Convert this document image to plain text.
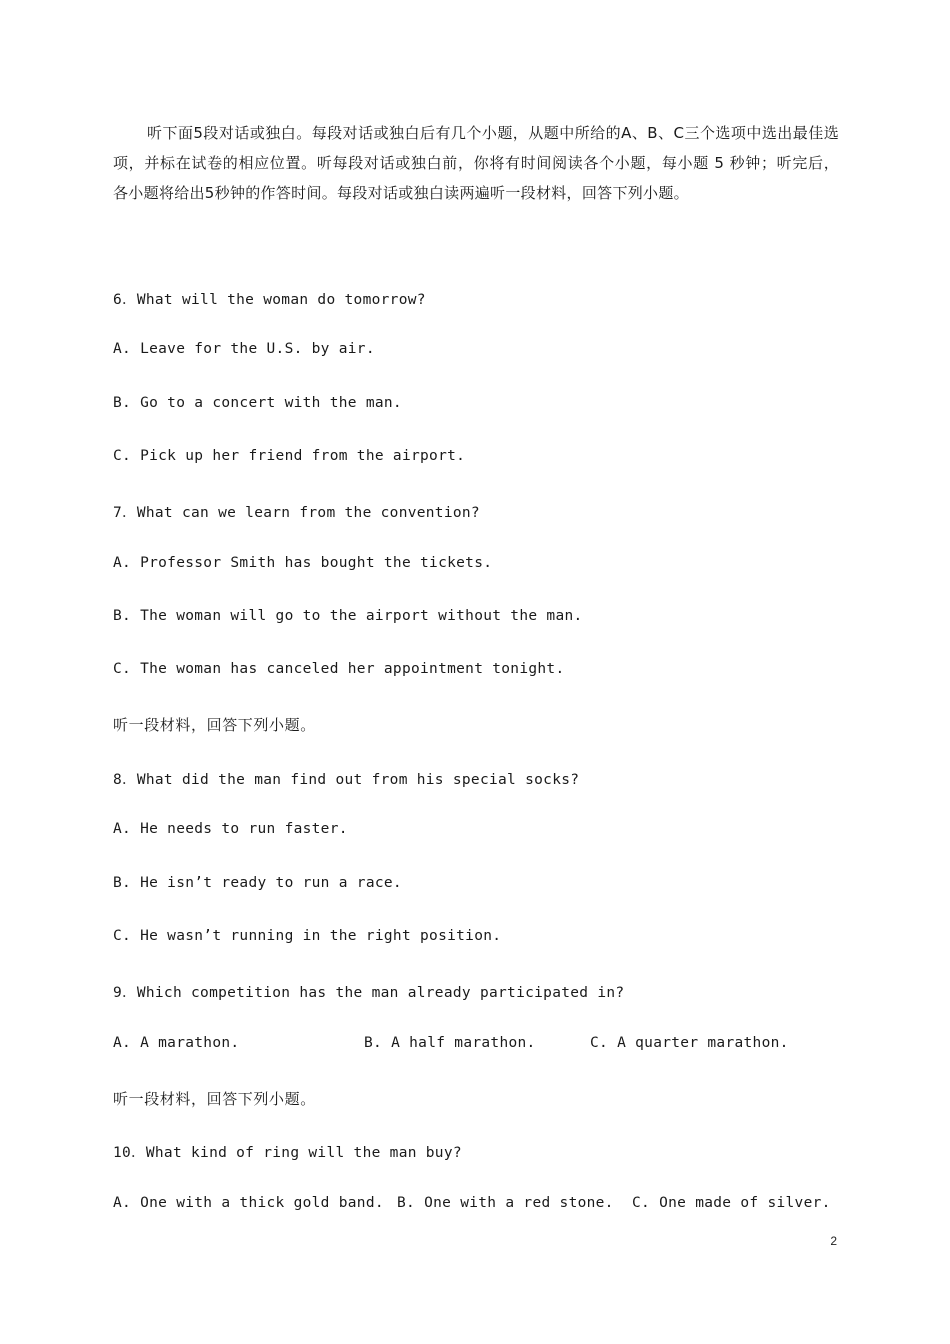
听下面5段对话或独白。每段对话或独白后有几个小题，从题中所给的A、B、C三个选项中选出最佳选项，并标在试卷的相应位置。听每段对话或独白前，你将有时间阅读各个小题，每小题 5 秒钟；听完后， 各小题将给出5秒钟的作答时间。每段对话或独白读两遍听一段材料，回答下列小题。

6．What will the woman do tomorrow?

A. Leave for the U.S. by air.

B. Go to a concert with the man.

C. Pick up her friend from the airport.

7．What can we learn from the convention?

A. Professor Smith has bought the tickets.

B. The woman will go to the airport without the man.

C. The woman has canceled her appointment tonight.

听一段材料，回答下列小题。

8．What did the man find out from his special socks?

A. He needs to run faster.

B. He isn’t ready to run a race.

C. He wasn’t running in the right position.

9．Which competition has the man already participated in?

A. A marathon.	B. A half marathon.	C. A quarter marathon.

听一段材料，回答下列小题。

10．What kind of ring will the man buy?

A. One with a thick gold band. B. One with a red stone.	C. One made of silver.

2
